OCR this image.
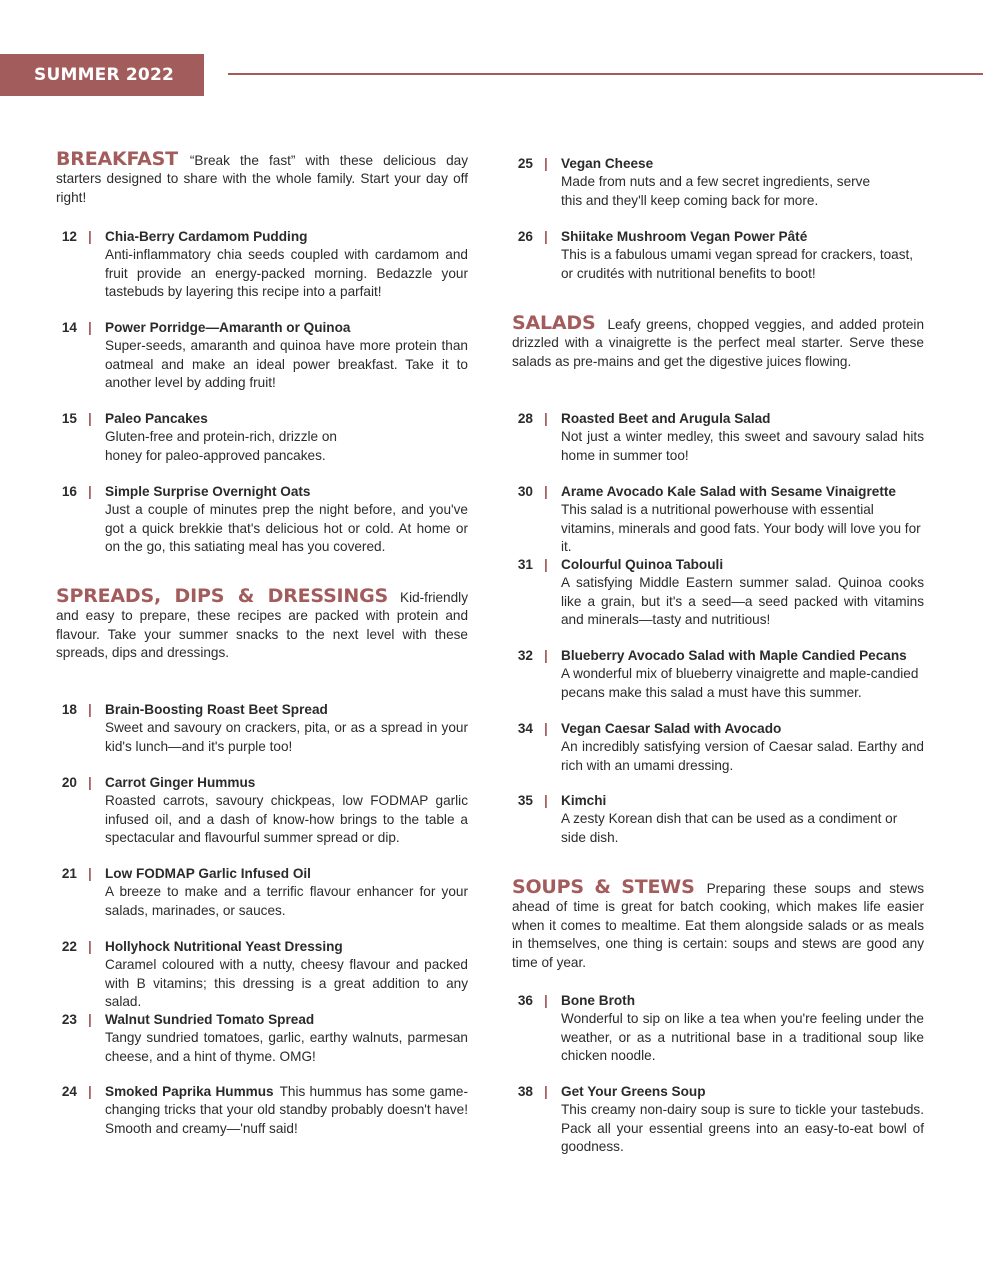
SUMMER 2022

BREAKFAST “Break the fast” with these delicious day starters designed to share with the whole family. Start your day off right!

12 | Chia-Berry Cardamom Pudding
Anti-inflammatory chia seeds coupled with cardamom and fruit provide an energy-packed morning. Bedazzle your tastebuds by layering this recipe into a parfait!
14 | Power Porridge—Amaranth or Quinoa
Super-seeds, amaranth and quinoa have more protein than oatmeal and make an ideal power breakfast. Take it to another level by adding fruit!
15 | Paleo Pancakes
Gluten-free and protein-rich, drizzle on honey for paleo-approved pancakes.
16 | Simple Surprise Overnight Oats
Just a couple of minutes prep the night before, and you've got a quick brekkie that's delicious hot or cold. At home or on the go, this satiating meal has you covered.

SPREADS, DIPS & DRESSINGS Kid-friendly and easy to prepare, these recipes are packed with protein and flavour. Take your summer snacks to the next level with these spreads, dips and dressings.

18 | Brain-Boosting Roast Beet Spread
Sweet and savoury on crackers, pita, or as a spread in your kid's lunch—and it's purple too!
20 | Carrot Ginger Hummus
Roasted carrots, savoury chickpeas, low FODMAP garlic infused oil, and a dash of know-how brings to the table a spectacular and flavourful summer spread or dip.
21 | Low FODMAP Garlic Infused Oil
A breeze to make and a terrific flavour enhancer for your salads, marinades, or sauces.
22 | Hollyhock Nutritional Yeast Dressing
Caramel coloured with a nutty, cheesy flavour and packed with B vitamins; this dressing is a great addition to any salad.
23 | Walnut Sundried Tomato Spread
Tangy sundried tomatoes, garlic, earthy walnuts, parmesan cheese, and a hint of thyme. OMG!
24 | Smoked Paprika Hummus This hummus has some game-changing tricks that your old standby probably doesn't have! Smooth and creamy—'nuff said!
25 | Vegan Cheese
Made from nuts and a few secret ingredients, serve this and they'll keep coming back for more.
26 | Shiitake Mushroom Vegan Power Pâté
This is a fabulous umami vegan spread for crackers, toast, or crudités with nutritional benefits to boot!

SALADS Leafy greens, chopped veggies, and added protein drizzled with a vinaigrette is the perfect meal starter. Serve these salads as pre-mains and get the digestive juices flowing.

28 | Roasted Beet and Arugula Salad
Not just a winter medley, this sweet and savoury salad hits home in summer too!
30 | Arame Avocado Kale Salad with Sesame Vinaigrette
This salad is a nutritional powerhouse with essential vitamins, minerals and good fats. Your body will love you for it.
31 | Colourful Quinoa Tabouli
A satisfying Middle Eastern summer salad. Quinoa cooks like a grain, but it's a seed—a seed packed with vitamins and minerals—tasty and nutritious!
32 | Blueberry Avocado Salad with Maple Candied Pecans
A wonderful mix of blueberry vinaigrette and maple-candied pecans make this salad a must have this summer.
34 | Vegan Caesar Salad with Avocado
An incredibly satisfying version of Caesar salad. Earthy and rich with an umami dressing.
35 | Kimchi
A zesty Korean dish that can be used as a condiment or side dish.

SOUPS & STEWS Preparing these soups and stews ahead of time is great for batch cooking, which makes life easier when it comes to mealtime. Eat them alongside salads or as meals in themselves, one thing is certain: soups and stews are good any time of year.

36 | Bone Broth
Wonderful to sip on like a tea when you're feeling under the weather, or as a nutritional base in a traditional soup like chicken noodle.
38 | Get Your Greens Soup
This creamy non-dairy soup is sure to tickle your tastebuds. Pack all your essential greens into an easy-to-eat bowl of goodness.
